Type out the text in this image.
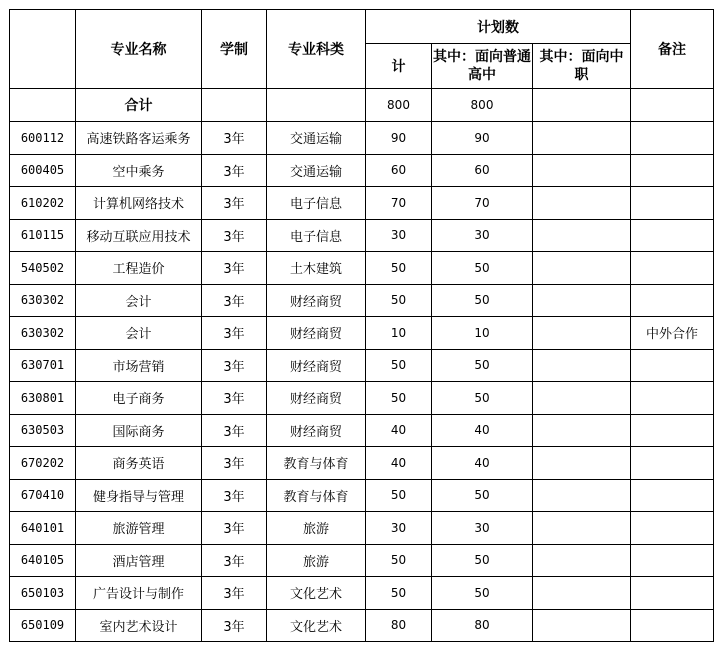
	专业名称	学制	专业科类	计划数			备注
				计	其中：面向普通高中	其中：面向中职	
	合计			800	800		
600112	高速铁路客运乘务	3年	交通运输	90	90		
600405	空中乘务	3年	交通运输	60	60		
610202	计算机网络技术	3年	电子信息	70	70		
610115	移动互联应用技术	3年	电子信息	30	30		
540502	工程造价	3年	土木建筑	50	50		
630302	会计	3年	财经商贸	50	50		
630302	会计	3年	财经商贸	10	10		中外合作
630701	市场营销	3年	财经商贸	50	50		
630801	电子商务	3年	财经商贸	50	50		
630503	国际商务	3年	财经商贸	40	40		
670202	商务英语	3年	教育与体育	40	40		
670410	健身指导与管理	3年	教育与体育	50	50		
640101	旅游管理	3年	旅游	30	30		
640105	酒店管理	3年	旅游	50	50		
650103	广告设计与制作	3年	文化艺术	50	50		
650109	室内艺术设计	3年	文化艺术	80	80		
